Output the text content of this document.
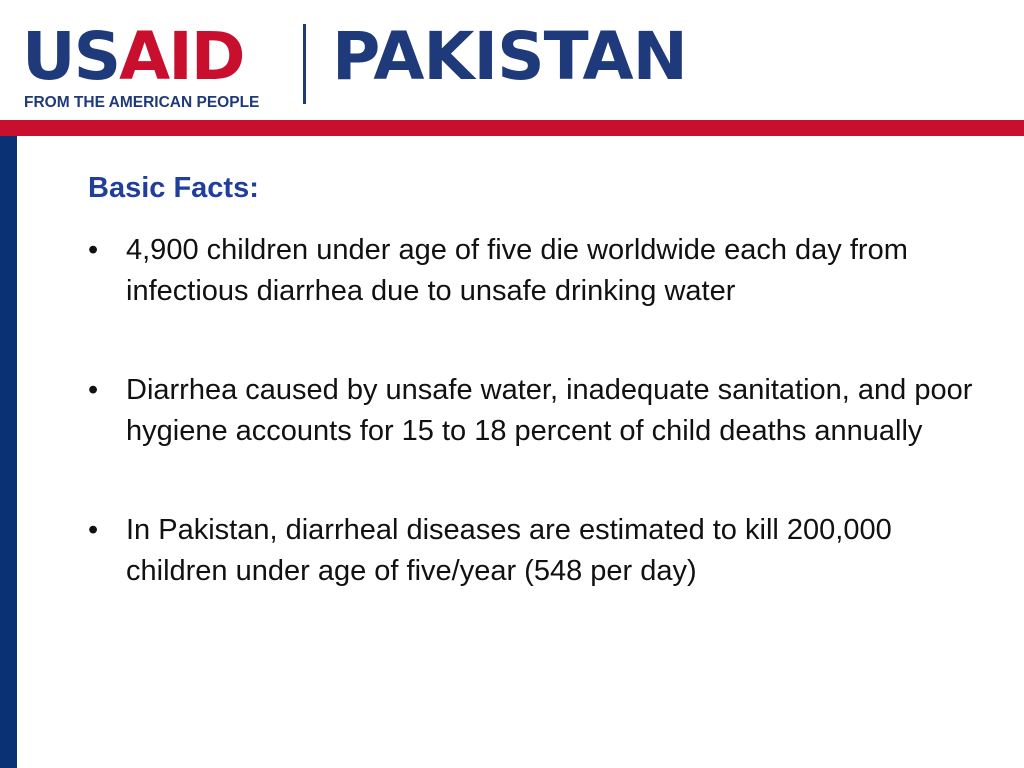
USAID
FROM THE AMERICAN PEOPLE
PAKISTAN
Basic Facts:
• 4,900 children under age of five die worldwide each day from infectious diarrhea due to unsafe drinking water
• Diarrhea caused by unsafe water, inadequate sanitation, and poor hygiene accounts for 15 to 18 percent of child deaths annually
• In Pakistan, diarrheal diseases are estimated to kill 200,000 children under age of five/year (548 per day)
